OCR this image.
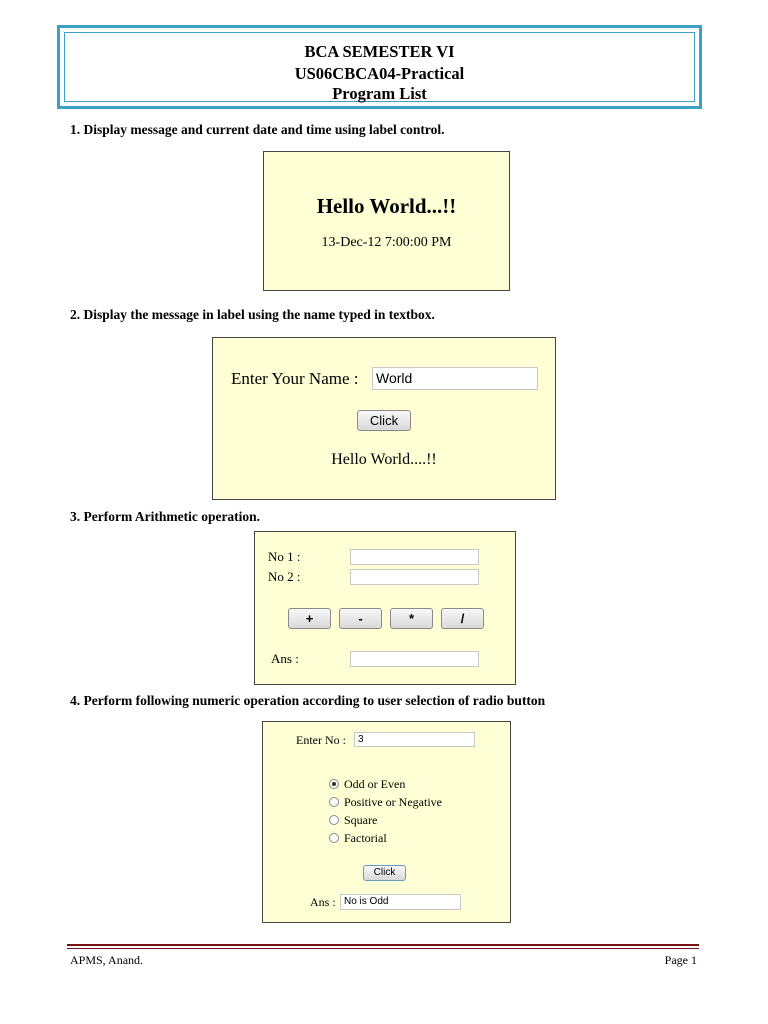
BCA SEMESTER VI
US06CBCA04-Practical
Program List
1. Display message and current date and time using label control.
Hello World...!!
13-Dec-12 7:00:00 PM
2. Display the message in label using the name typed in textbox.
Enter Your Name : World
Click
Hello World....!!
3. Perform Arithmetic operation.
No 1 :
No 2 :
+	-	*	/
Ans :
4. Perform following numeric operation according to user selection of radio button
Enter No :	3
Odd or Even
Positive or Negative
Square
Factorial
Click
Ans : No is Odd
APMS, Anand.	Page 1
